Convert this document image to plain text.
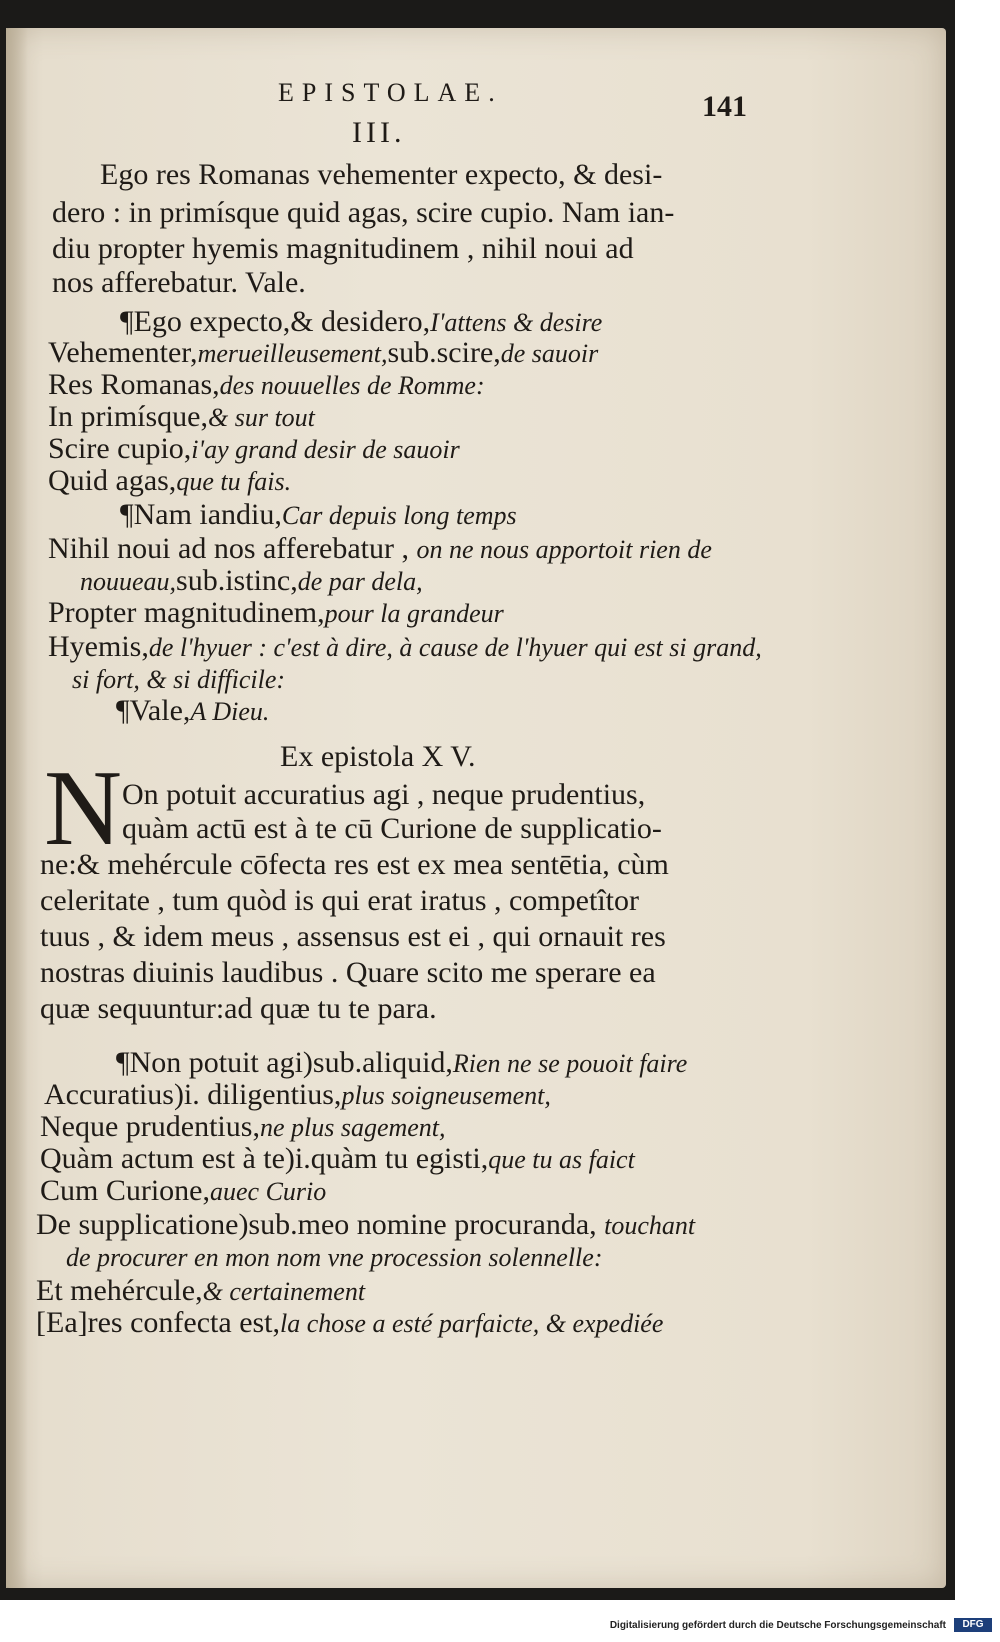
EPISTOLAE.	141
III.
Ego res Romanas vehementer expecto, & desi-
dero : in primísque quid agas, scire cupio. Nam ian-
diu propter hyemis magnitudinem , nihil noui ad
nos afferebatur. Vale.
¶Ego expecto,& desidero,I'attens & desire
Vehementer,merueilleusement,sub.scire,de sauoir
Res Romanas,des nouuelles de Romme:
In primísque,& sur tout
Scire cupio,i'ay grand desir de sauoir
Quid agas,que tu fais.
¶Nam iandiu,Car depuis long temps
Nihil noui ad nos afferebatur , on ne nous apportoit rien de
nouueau,sub.istinc,de par dela,
Propter magnitudinem,pour la grandeur
Hyemis,de l'hyuer : c'est à dire, à cause de l'hyuer qui est si grand,
si fort, & si difficile:
¶Vale,A Dieu.
Ex epistola X V.
N On potuit accuratius agi , neque prudentius,
quàm actū est à te cū Curione de supplicatio-
ne:& mehércule cōfecta res est ex mea sentētia, cùm
celeritate , tum quòd is qui erat iratus , competîtor
tuus , & idem meus , assensus est ei , qui ornauit res
nostras diuinis laudibus . Quare scito me sperare ea
quæ sequuntur:ad quæ tu te para.
¶Non potuit agi)sub.aliquid,Rien ne se pouoit faire
Accuratius)i. diligentius,plus soigneusement,
Neque prudentius,ne plus sagement,
Quàm actum est à te)i.quàm tu egisti,que tu as faict
Cum Curione,auec Curio
De supplicatione)sub.meo nomine procuranda, touchant
de procurer en mon nom vne procession solennelle:
Et mehércule,& certainement
[Ea]res confecta est,la chose a esté parfaicte, & expediée
Digitalisierung gefördert durch die Deutsche Forschungsgemeinschaft	DFG
